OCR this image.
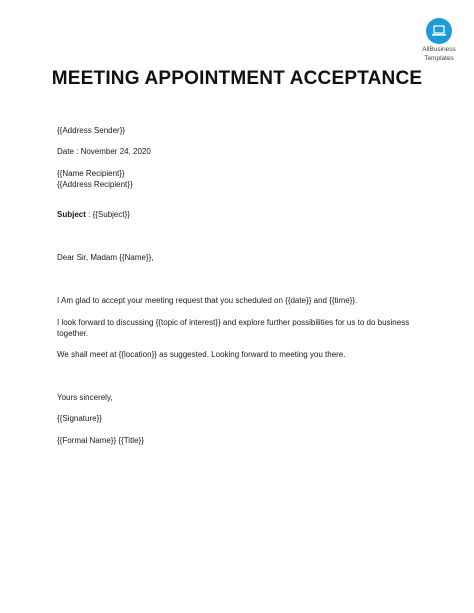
AllBusiness
Templates
MEETING APPOINTMENT ACCEPTANCE
{{Address Sender}}
Date : November 24, 2020
{{Name Recipient}}
{{Address Recipient}}
Subject : {{Subject}}
Dear Sir, Madam {{Name}},
I Am glad to accept your meeting request that you scheduled on {{date}} and {{time}}.
I look forward to discussing {{topic of interest}} and explore further possibilities for us to do business together.
We shall meet at {{location}} as suggested. Looking forward to meeting you there.
Yours sincerely,
{{Signature}}
{{Formal Name}} {{Title}}
